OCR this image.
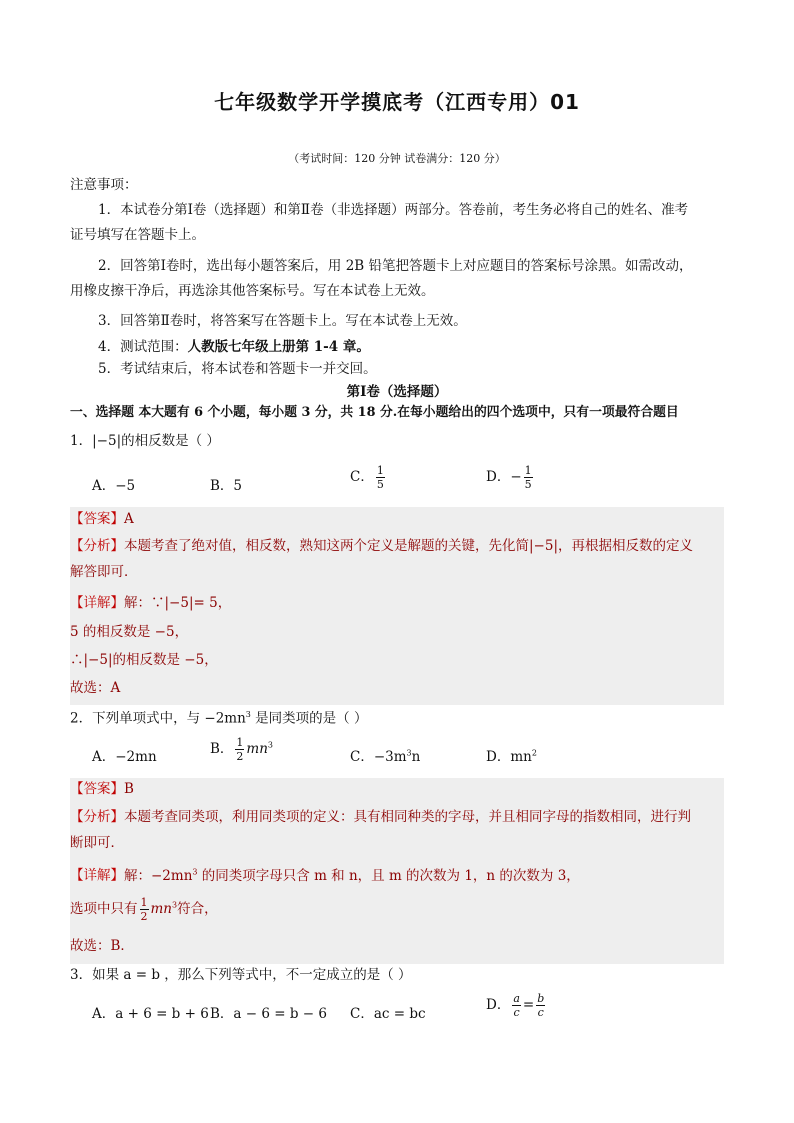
七年级数学开学摸底考（江西专用）01
（考试时间：120 分钟 试卷满分：120 分）
注意事项：
1．本试卷分第Ⅰ卷（选择题）和第Ⅱ卷（非选择题）两部分。答卷前，考生务必将自己的姓名、准考
证号填写在答题卡上。
2．回答第Ⅰ卷时，选出每小题答案后，用 2B 铅笔把答题卡上对应题目的答案标号涂黑。如需改动，
用橡皮擦干净后，再选涂其他答案标号。写在本试卷上无效。
3．回答第Ⅱ卷时，将答案写在答题卡上。写在本试卷上无效。
4．测试范围：人教版七年级上册第 1-4 章。
5．考试结束后，将本试卷和答题卡一并交回。
第Ⅰ卷（选择题）
一、选择题 本大题有 6 个小题，每小题 3 分，共 18 分.在每小题给出的四个选项中，只有一项最符合题目
1．|−5|的相反数是（ ）
A．−5	B．5
C． $\frac{1}{5}$	D．− $\frac{1}{5}$
【答案】A
【分析】本题考查了绝对值，相反数，熟知这两个定义是解题的关键，先化简|−5|，再根据相反数的定义
解答即可．
【详解】解：∵|−5|= 5，
5 的相反数是 −5，
∴|−5|的相反数是 −5，
故选：A
2．下列单项式中，与 $-2mn^3$ 是同类项的是（ ）
A．−2mn	B． $\frac{1}{2} mn^3$
C．$-3m^3n$	D．$mn^2$
【答案】B
【分析】本题考查同类项，利用同类项的定义：具有相同种类的字母，并且相同字母的指数相同，进行判
断即可．
【详解】解：$-2mn^3$ 的同类项字母只含 m 和 n，且 m 的次数为 1，n 的次数为 3，
选项中只有 $\frac{1}{2} mn^3$符合，
故选：B．
3．如果 a = b ，那么下列等式中，不一定成立的是（ ）
A．a + 6 = b + 6 B．a − 6 = b − 6 C．ac = bc
D． $\frac{a}{c} = \frac{b}{c}$
